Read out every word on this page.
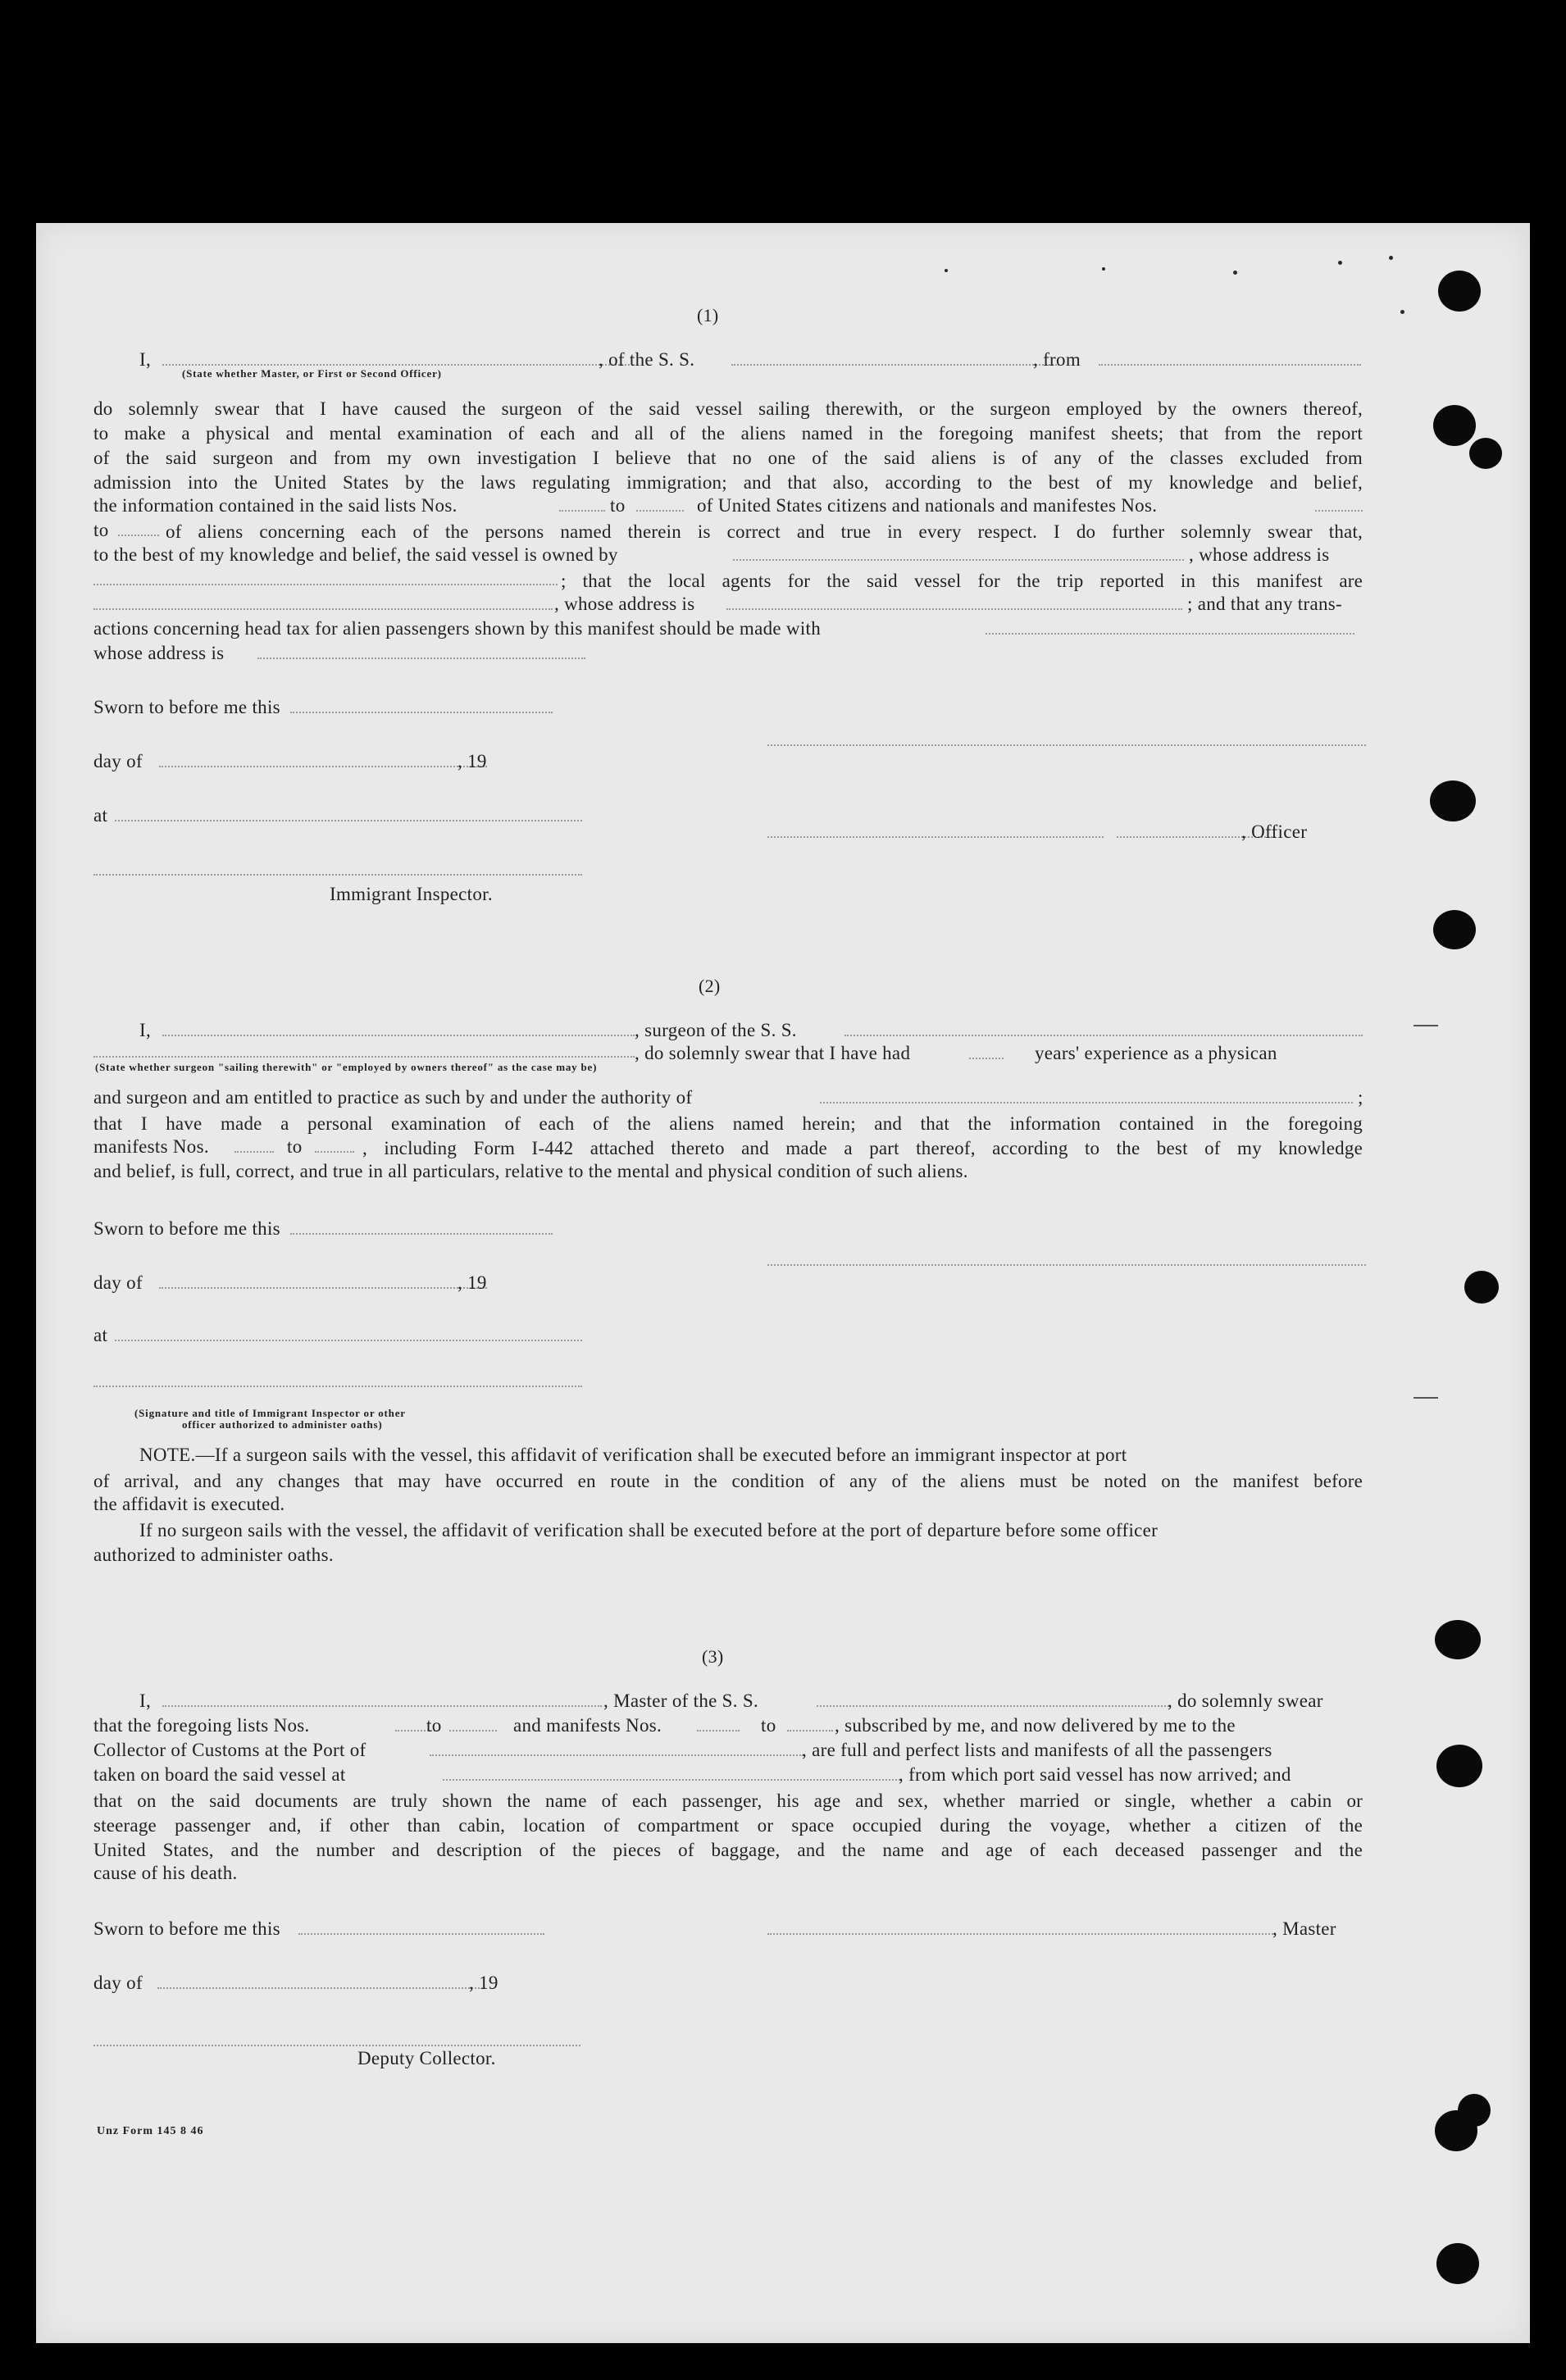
(1)
I,	, of the S. S.	, from
(State whether Master, or First or Second Officer)
do solemnly swear that I have caused the surgeon of the said vessel sailing therewith, or the surgeon employed by the owners thereof,
to make a physical and mental examination of each and all of the aliens named in the foregoing manifest sheets; that from the report
of the said surgeon and from my own investigation I believe that no one of the said aliens is of any of the classes excluded from
admission into the United States by the laws regulating immigration; and that also, according to the best of my knowledge and belief,
the information contained in the said lists Nos.	to	of United States citizens and nationals and manifestes Nos.
to	of aliens concerning each of the persons named therein is correct and true in every respect. I do further solemnly swear that,
to the best of my knowledge and belief, the said vessel is owned by	, whose address is
; that the local agents for the said vessel for the trip reported in this manifest are
, whose address is	; and that any trans-
actions concerning head tax for alien passengers shown by this manifest should be made with
whose address is
Sworn to before me this
day of	, 19
at
, Officer
Immigrant Inspector.
(2)
I,	, surgeon of the S. S.
, do solemnly swear that I have had	years' experience as a physican
(State whether surgeon "sailing therewith" or "employed by owners thereof" as the case may be)
and surgeon and am entitled to practice as such by and under the authority of	;
that I have made a personal examination of each of the aliens named herein; and that the information contained in the foregoing
manifests Nos.	to	, including Form I-442 attached thereto and made a part thereof, according to the best of my knowledge
and belief, is full, correct, and true in all particulars, relative to the mental and physical condition of such aliens.
Sworn to before me this
day of	, 19
at
(Signature and title of Immigrant Inspector or other
officer authorized to administer oaths)
NOTE.—If a surgeon sails with the vessel, this affidavit of verification shall be executed before an immigrant inspector at port
of arrival, and any changes that may have occurred en route in the condition of any of the aliens must be noted on the manifest before
the affidavit is executed.
If no surgeon sails with the vessel, the affidavit of verification shall be executed before at the port of departure before some officer
authorized to administer oaths.
(3)
I,	, Master of the S. S.	, do solemnly swear
that the foregoing lists Nos.	to	and manifests Nos.	to	, subscribed by me, and now delivered by me to the
Collector of Customs at the Port of	, are full and perfect lists and manifests of all the passengers
taken on board the said vessel at	, from which port said vessel has now arrived; and
that on the said documents are truly shown the name of each passenger, his age and sex, whether married or single, whether a cabin or
steerage passenger and, if other than cabin, location of compartment or space occupied during the voyage, whether a citizen of the
United States, and the number and description of the pieces of baggage, and the name and age of each deceased passenger and the
cause of his death.
Sworn to before me this	, Master
day of	, 19
Deputy Collector.
Unz Form 145 8 46
